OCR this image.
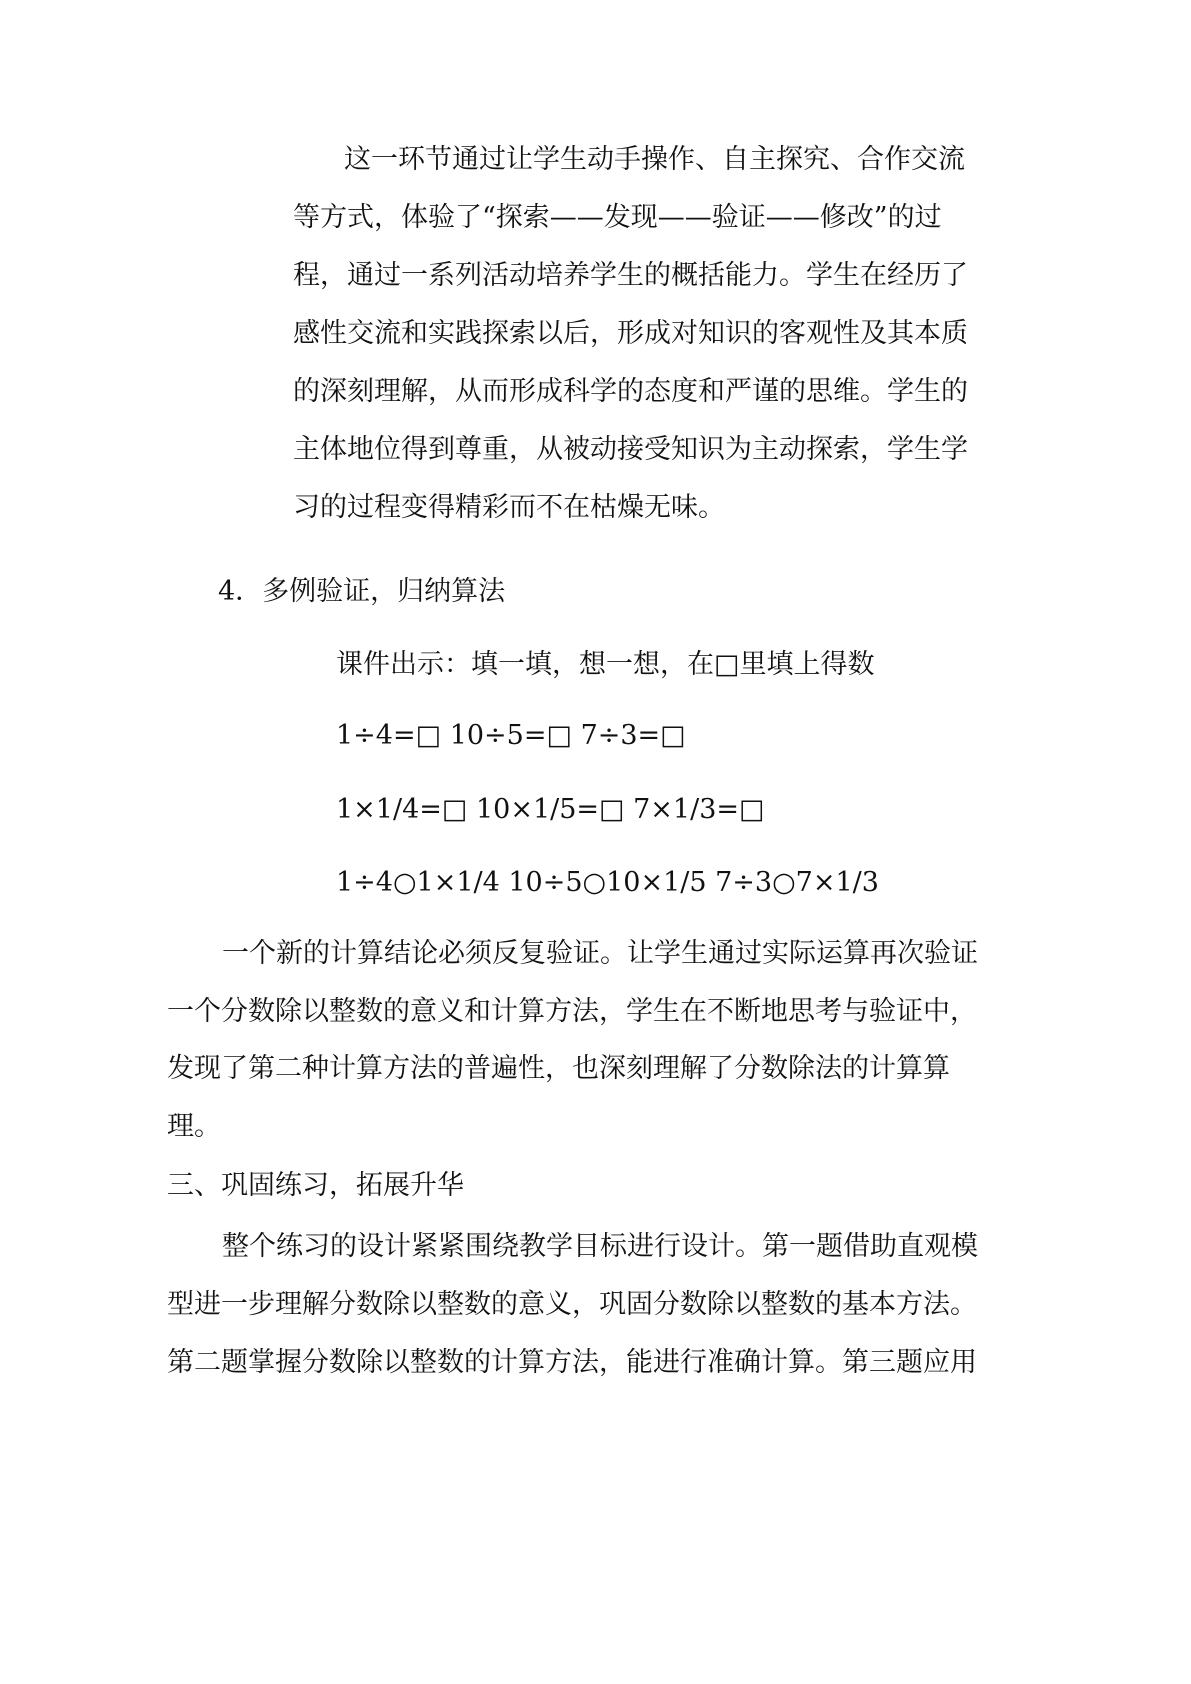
这一环节通过让学生动手操作、自主探究、合作交流
等方式，体验了“探索——发现——验证——修改”的过
程，通过一系列活动培养学生的概括能力。学生在经历了
感性交流和实践探索以后，形成对知识的客观性及其本质
的深刻理解，从而形成科学的态度和严谨的思维。学生的
主体地位得到尊重，从被动接受知识为主动探索，学生学
习的过程变得精彩而不在枯燥无味。
4．多例验证，归纳算法
课件出示：填一填，想一想，在□里填上得数
1÷4=□ 10÷5=□ 7÷3=□
1×1/4=□ 10×1/5=□ 7×1/3=□
1÷4○1×1/4 10÷5○10×1/5 7÷3○7×1/3
一个新的计算结论必须反复验证。让学生通过实际运算再次验证
一个分数除以整数的意义和计算方法，学生在不断地思考与验证中，
发现了第二种计算方法的普遍性，也深刻理解了分数除法的计算算
理。
三、巩固练习，拓展升华
整个练习的设计紧紧围绕教学目标进行设计。第一题借助直观模
型进一步理解分数除以整数的意义，巩固分数除以整数的基本方法。
第二题掌握分数除以整数的计算方法，能进行准确计算。第三题应用
